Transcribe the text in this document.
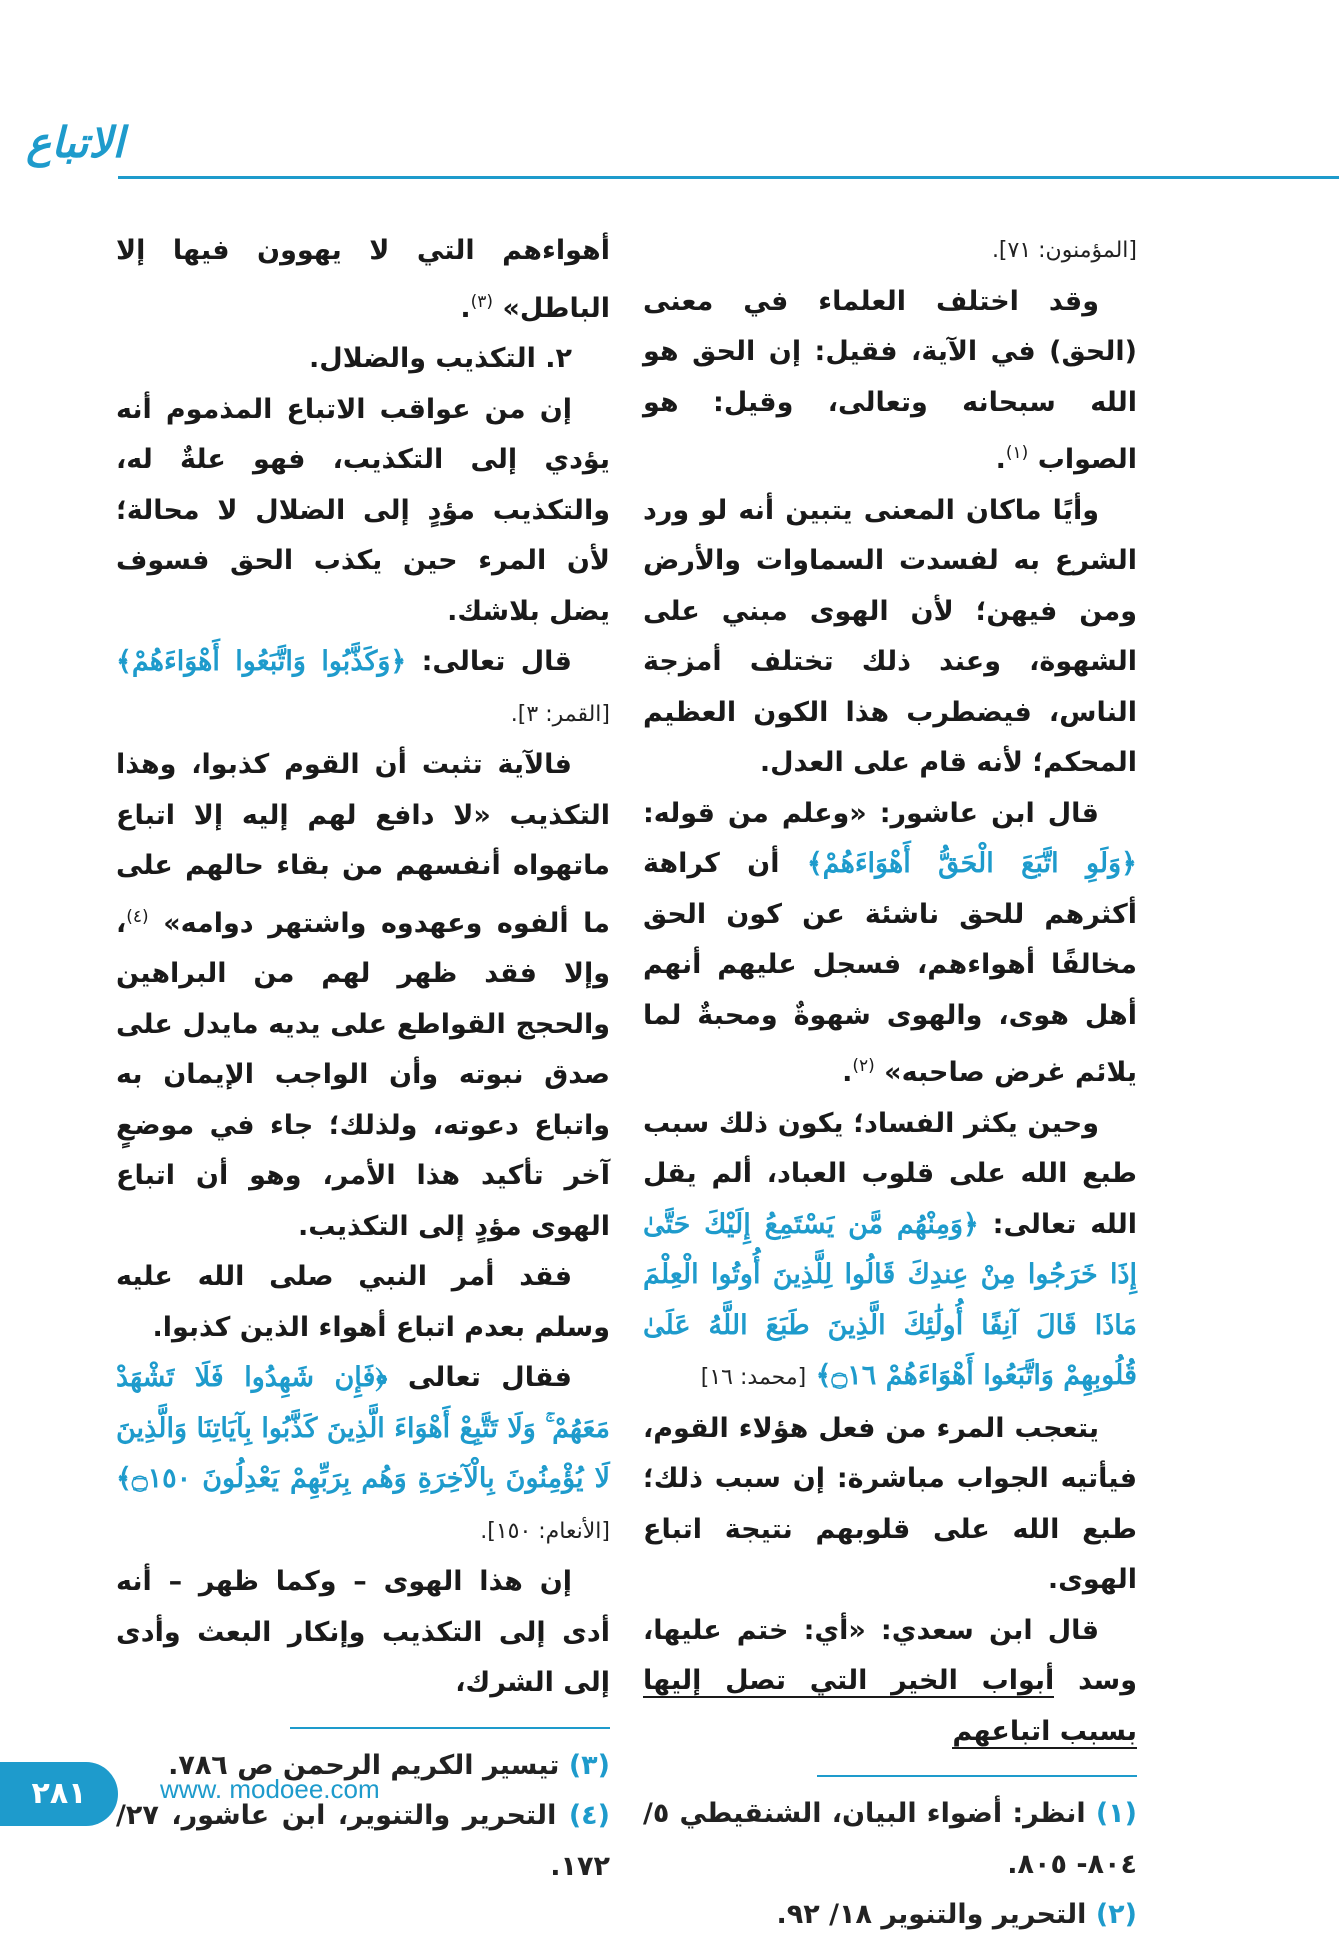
الاتباع

[المؤمنون: ٧١].

وقد اختلف العلماء في معنى (الحق) في الآية، فقيل: إن الحق هو الله سبحانه وتعالى، وقيل: هو الصواب $^{(١)}$.

وأيًا ماكان المعنى يتبين أنه لو ورد الشرع به لفسدت السماوات والأرض ومن فيهن؛ لأن الهوى مبني على الشهوة، وعند ذلك تختلف أمزجة الناس، فيضطرب هذا الكون العظيم المحكم؛ لأنه قام على العدل.

قال ابن عاشور: «وعلم من قوله: ﴿وَلَوِ اتَّبَعَ الْحَقُّ أَهْوَاءَهُمْ﴾ أن كراهة أكثرهم للحق ناشئة عن كون الحق مخالفًا أهواءهم، فسجل عليهم أنهم أهل هوى، والهوى شهوةٌ ومحبةٌ لما يلائم غرض صاحبه» $^{(٢)}$.

وحين يكثر الفساد؛ يكون ذلك سبب طبع الله على قلوب العباد، ألم يقل الله تعالى: ﴿وَمِنْهُم مَّن يَسْتَمِعُ إِلَيْكَ حَتَّىٰ إِذَا خَرَجُوا مِنْ عِندِكَ قَالُوا لِلَّذِينَ أُوتُوا الْعِلْمَ مَاذَا قَالَ آنِفًا أُولَٰئِكَ الَّذِينَ طَبَعَ اللَّهُ عَلَىٰ قُلُوبِهِمْ وَاتَّبَعُوا أَهْوَاءَهُمْ ۝١٦﴾ [محمد: ١٦]

يتعجب المرء من فعل هؤلاء القوم، فيأتيه الجواب مباشرة: إن سبب ذلك؛ طبع الله على قلوبهم نتيجة اتباع الهوى.

قال ابن سعدي: «أي: ختم عليها، وسد أبواب الخير التي تصل إليها بسبب اتباعهم

(١) انظر: أضواء البيان، الشنقيطي ٥/ ٨٠٤- ٨٠٥.

(٢) التحرير والتنوير ١٨/ ٩٢.

أهواءهم التي لا يهوون فيها إلا الباطل» $^{(٣)}$.

٢. التكذيب والضلال.

إن من عواقب الاتباع المذموم أنه يؤدي إلى التكذيب، فهو علةٌ له، والتكذيب مؤدٍ إلى الضلال لا محالة؛ لأن المرء حين يكذب الحق فسوف يضل بلاشك.

قال تعالى: ﴿وَكَذَّبُوا وَاتَّبَعُوا أَهْوَاءَهُمْ﴾ [القمر: ٣].

فالآية تثبت أن القوم كذبوا، وهذا التكذيب «لا دافع لهم إليه إلا اتباع ماتهواه أنفسهم من بقاء حالهم على ما ألفوه وعهدوه واشتهر دوامه» $^{(٤)}$، وإلا فقد ظهر لهم من البراهين والحجج القواطع على يديه مايدل على صدق نبوته وأن الواجب الإيمان به واتباع دعوته، ولذلك؛ جاء في موضعٍ آخر تأكيد هذا الأمر، وهو أن اتباع الهوى مؤدٍ إلى التكذيب.

فقد أمر النبي صلى الله عليه وسلم بعدم اتباع أهواء الذين كذبوا.

فقال تعالى ﴿فَإِن شَهِدُوا فَلَا تَشْهَدْ مَعَهُمْ ۚ وَلَا تَتَّبِعْ أَهْوَاءَ الَّذِينَ كَذَّبُوا بِآيَاتِنَا وَالَّذِينَ لَا يُؤْمِنُونَ بِالْآخِرَةِ وَهُم بِرَبِّهِمْ يَعْدِلُونَ ۝١٥٠﴾ [الأنعام: ١٥٠].

إن هذا الهوى – وكما ظهر – أنه أدى إلى التكذيب وإنكار البعث وأدى إلى الشرك،

(٣) تيسير الكريم الرحمن ص ٧٨٦.

(٤) التحرير والتنوير، ابن عاشور، ٢٧/ ١٧٢.

٢٨١	www. modoee.com
